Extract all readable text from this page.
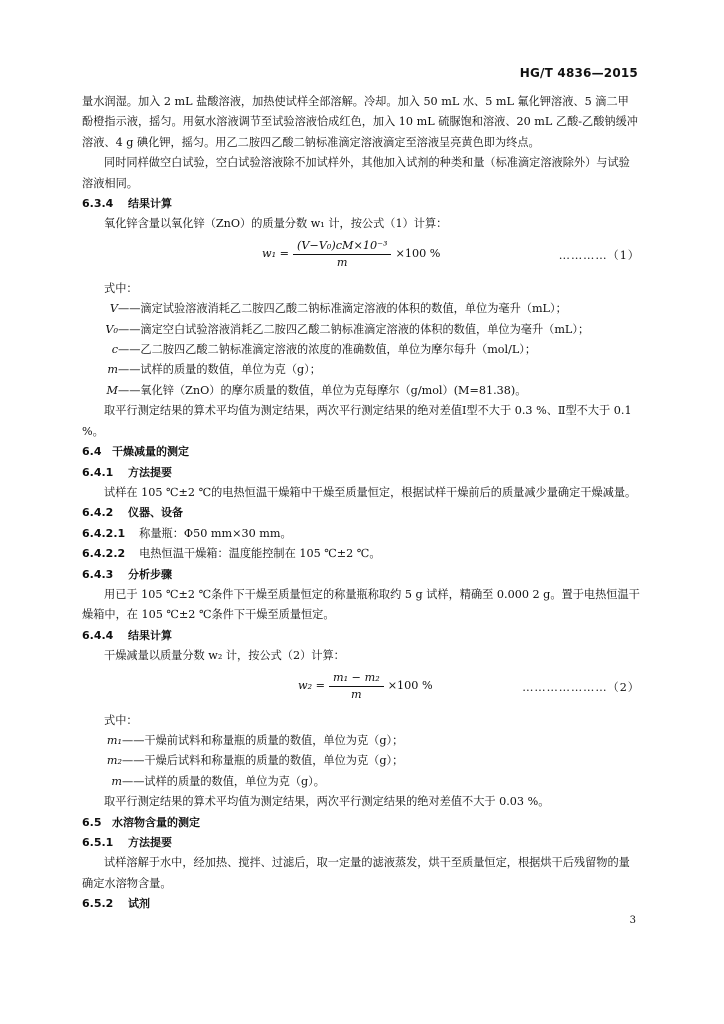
HG/T 4836—2015

量水润湿。加入 2 mL 盐酸溶液，加热使试样全部溶解。冷却。加入 50 mL 水、5 mL 氟化钾溶液、5 滴二甲酚橙指示液，摇匀。用氨水溶液调节至试验溶液恰成红色，加入 10 mL 硫脲饱和溶液、20 mL 乙酸-乙酸钠缓冲溶液、4 g 碘化钾，摇匀。用乙二胺四乙酸二钠标准滴定溶液滴定至溶液呈亮黄色即为终点。

同时同样做空白试验，空白试验溶液除不加试样外，其他加入试剂的种类和量（标准滴定溶液除外）与试验溶液相同。

6.3.4 结果计算

氧化锌含量以氧化锌（ZnO）的质量分数 w₁ 计，按公式（1）计算：

$w_1 = \frac{\text{(V−V₀)cM×10⁻³}}{m} \times 100$ %	…………（1）

式中：

V ——滴定试验溶液消耗乙二胺四乙酸二钠标准滴定溶液的体积的数值，单位为毫升（mL）；

V₀ ——滴定空白试验溶液消耗乙二胺四乙酸二钠标准滴定溶液的体积的数值，单位为毫升（mL）；

c ——乙二胺四乙酸二钠标准滴定溶液的浓度的准确数值，单位为摩尔每升（mol/L）；

m ——试样的质量的数值，单位为克（g）；

M ——氧化锌（ZnO）的摩尔质量的数值，单位为克每摩尔（g/mol）(M=81.38)。

取平行测定结果的算术平均值为测定结果，两次平行测定结果的绝对差值Ⅰ型不大于 0.3 %、Ⅱ型不大于 0.1 %。

6.4 干燥减量的测定

6.4.1 方法提要

试样在 105 ℃±2 ℃的电热恒温干燥箱中干燥至质量恒定，根据试样干燥前后的质量减少量确定干燥减量。

6.4.2 仪器、设备

6.4.2.1 称量瓶：Φ50 mm×30 mm。

6.4.2.2 电热恒温干燥箱：温度能控制在 105 ℃±2 ℃。

6.4.3 分析步骤

用已于 105 ℃±2 ℃条件下干燥至质量恒定的称量瓶称取约 5 g 试样，精确至 0.000 2 g。置于电热恒温干燥箱中，在 105 ℃±2 ℃条件下干燥至质量恒定。

6.4.4 结果计算

干燥减量以质量分数 w₂ 计，按公式（2）计算：

$w_2 = \frac{\text{m₁ − m₂}}{m} \times 100$ %	…………………（2）

式中：

m₁ ——干燥前试料和称量瓶的质量的数值，单位为克（g）；

m₂ ——干燥后试料和称量瓶的质量的数值，单位为克（g）；

m ——试样的质量的数值，单位为克（g）。

取平行测定结果的算术平均值为测定结果，两次平行测定结果的绝对差值不大于 0.03 %。

6.5 水溶物含量的测定

6.5.1 方法提要

试样溶解于水中，经加热、搅拌、过滤后，取一定量的滤液蒸发，烘干至质量恒定，根据烘干后残留物的量确定水溶物含量。

6.5.2 试剂

3
